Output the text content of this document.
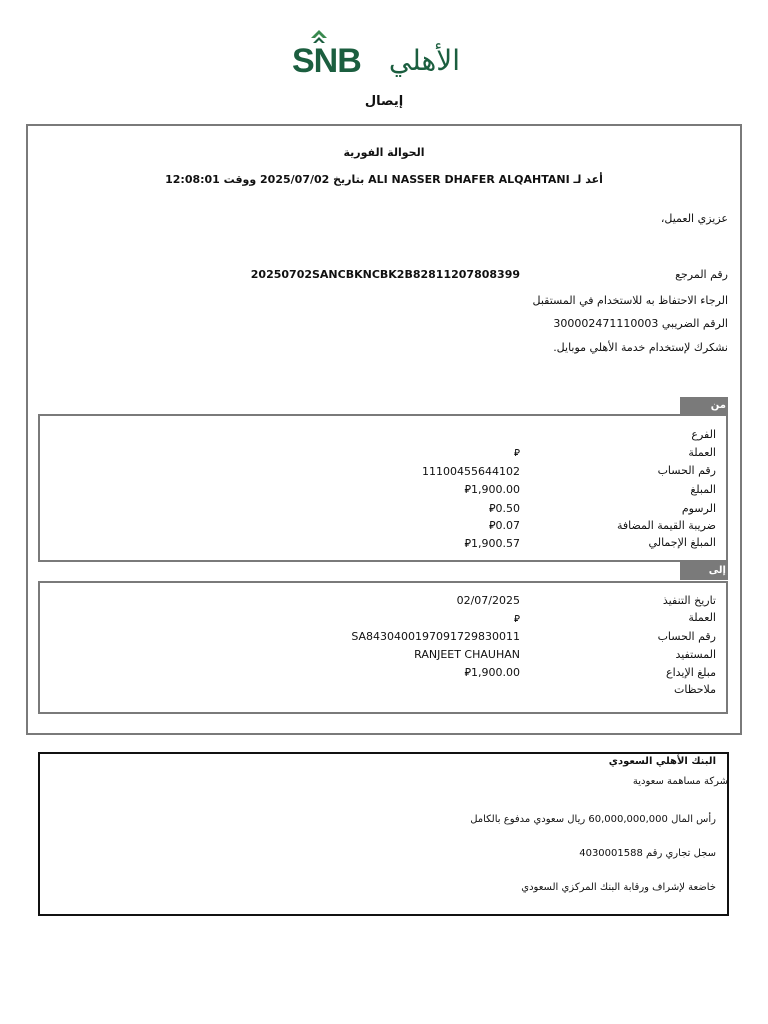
SNB الأهلي
إيصال
الحوالة الفورية
أعد لـ ALI NASSER DHAFER ALQAHTANI بتاريخ 2025/07/02 ووقت 12:08:01
عزيزي العميل،
رقم المرجع
20250702SANCBKNCBK2B82811207808399
الرجاء الاحتفاظ به للاستخدام في المستقبل
الرقم الضريبي 300002471110003
نشكرك لإستخدام خدمة الأهلي موبايل.
من
الفرع
العملة
⃁
رقم الحساب
11100455644102
المبلغ
⃁1,900.00
الرسوم
⃁0.50
ضريبة القيمة المضافة
⃁0.07
المبلغ الإجمالي
⃁1,900.57
إلى
تاريخ التنفيذ
02/07/2025
العملة
⃁
رقم الحساب
SA8430400197091729830011
المستفيد
RANJEET CHAUHAN
مبلغ الإيداع
⃁1,900.00
ملاحظات
البنك الأهلي السعودي
شركة مساهمة سعودية
رأس المال 60,000,000,000 ريال سعودي مدفوع بالكامل
سجل تجاري رقم 4030001588
خاضعة لإشراف ورقابة البنك المركزي السعودي
